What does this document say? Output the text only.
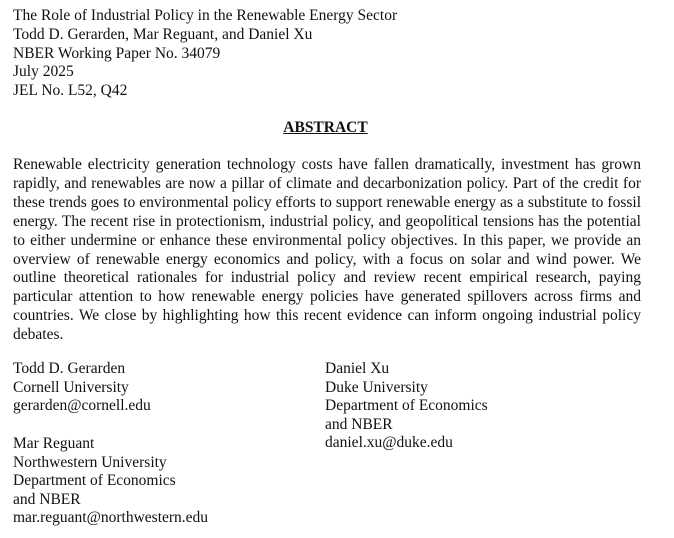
The Role of Industrial Policy in the Renewable Energy Sector
Todd D. Gerarden, Mar Reguant, and Daniel Xu
NBER Working Paper No. 34079
July 2025
JEL No. L52, Q42
ABSTRACT
Renewable electricity generation technology costs have fallen dramatically, investment has grown rapidly, and renewables are now a pillar of climate and decarbonization policy. Part of the credit for these trends goes to environmental policy efforts to support renewable energy as a substitute to fossil energy. The recent rise in protectionism, industrial policy, and geopolitical tensions has the potential to either undermine or enhance these environmental policy objectives. In this paper, we provide an overview of renewable energy economics and policy, with a focus on solar and wind power. We outline theoretical rationales for industrial policy and review recent empirical research, paying particular attention to how renewable energy policies have generated spillovers across firms and countries. We close by highlighting how this recent evidence can inform ongoing industrial policy debates.
Todd D. Gerarden
Cornell University
gerarden@cornell.edu
Daniel Xu
Duke University
Department of Economics
and NBER
daniel.xu@duke.edu
Mar Reguant
Northwestern University
Department of Economics
and NBER
mar.reguant@northwestern.edu
